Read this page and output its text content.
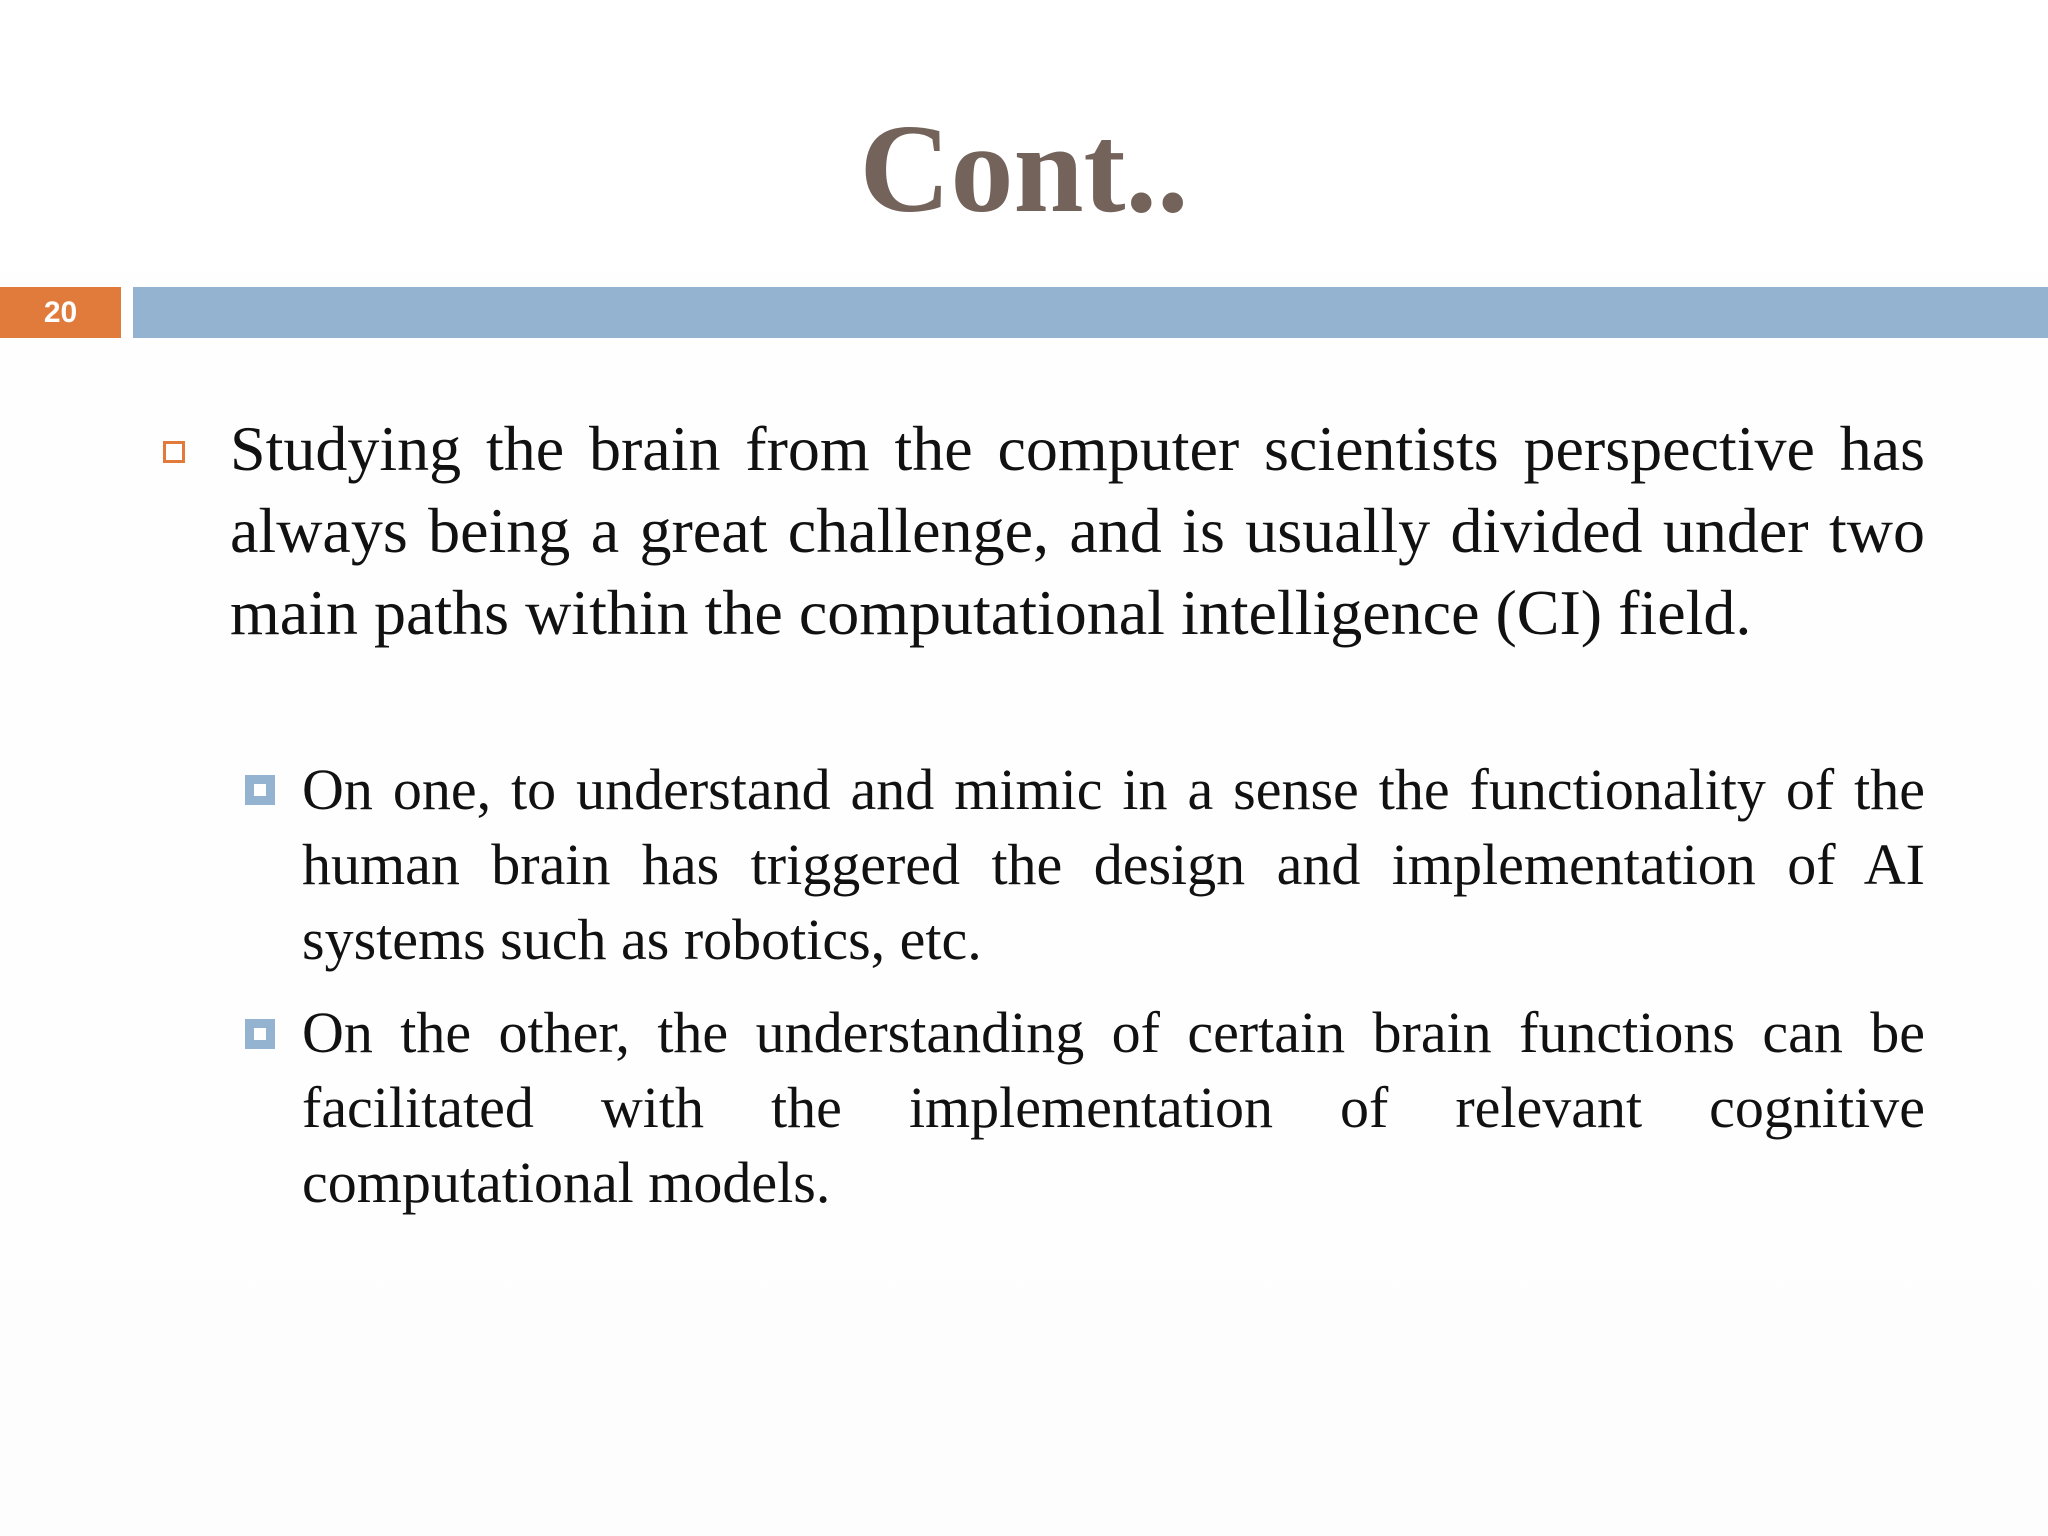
Cont..
20
Studying the brain from the computer scientists perspective has always being a great challenge, and is usually divided under two main paths within the computational intelligence (CI) field.
On one, to understand and mimic in a sense the functionality of the human brain has triggered the design and implementation of AI systems such as robotics, etc.
On the other, the understanding of certain brain functions can be facilitated with the implementation of relevant cognitive computational models.
